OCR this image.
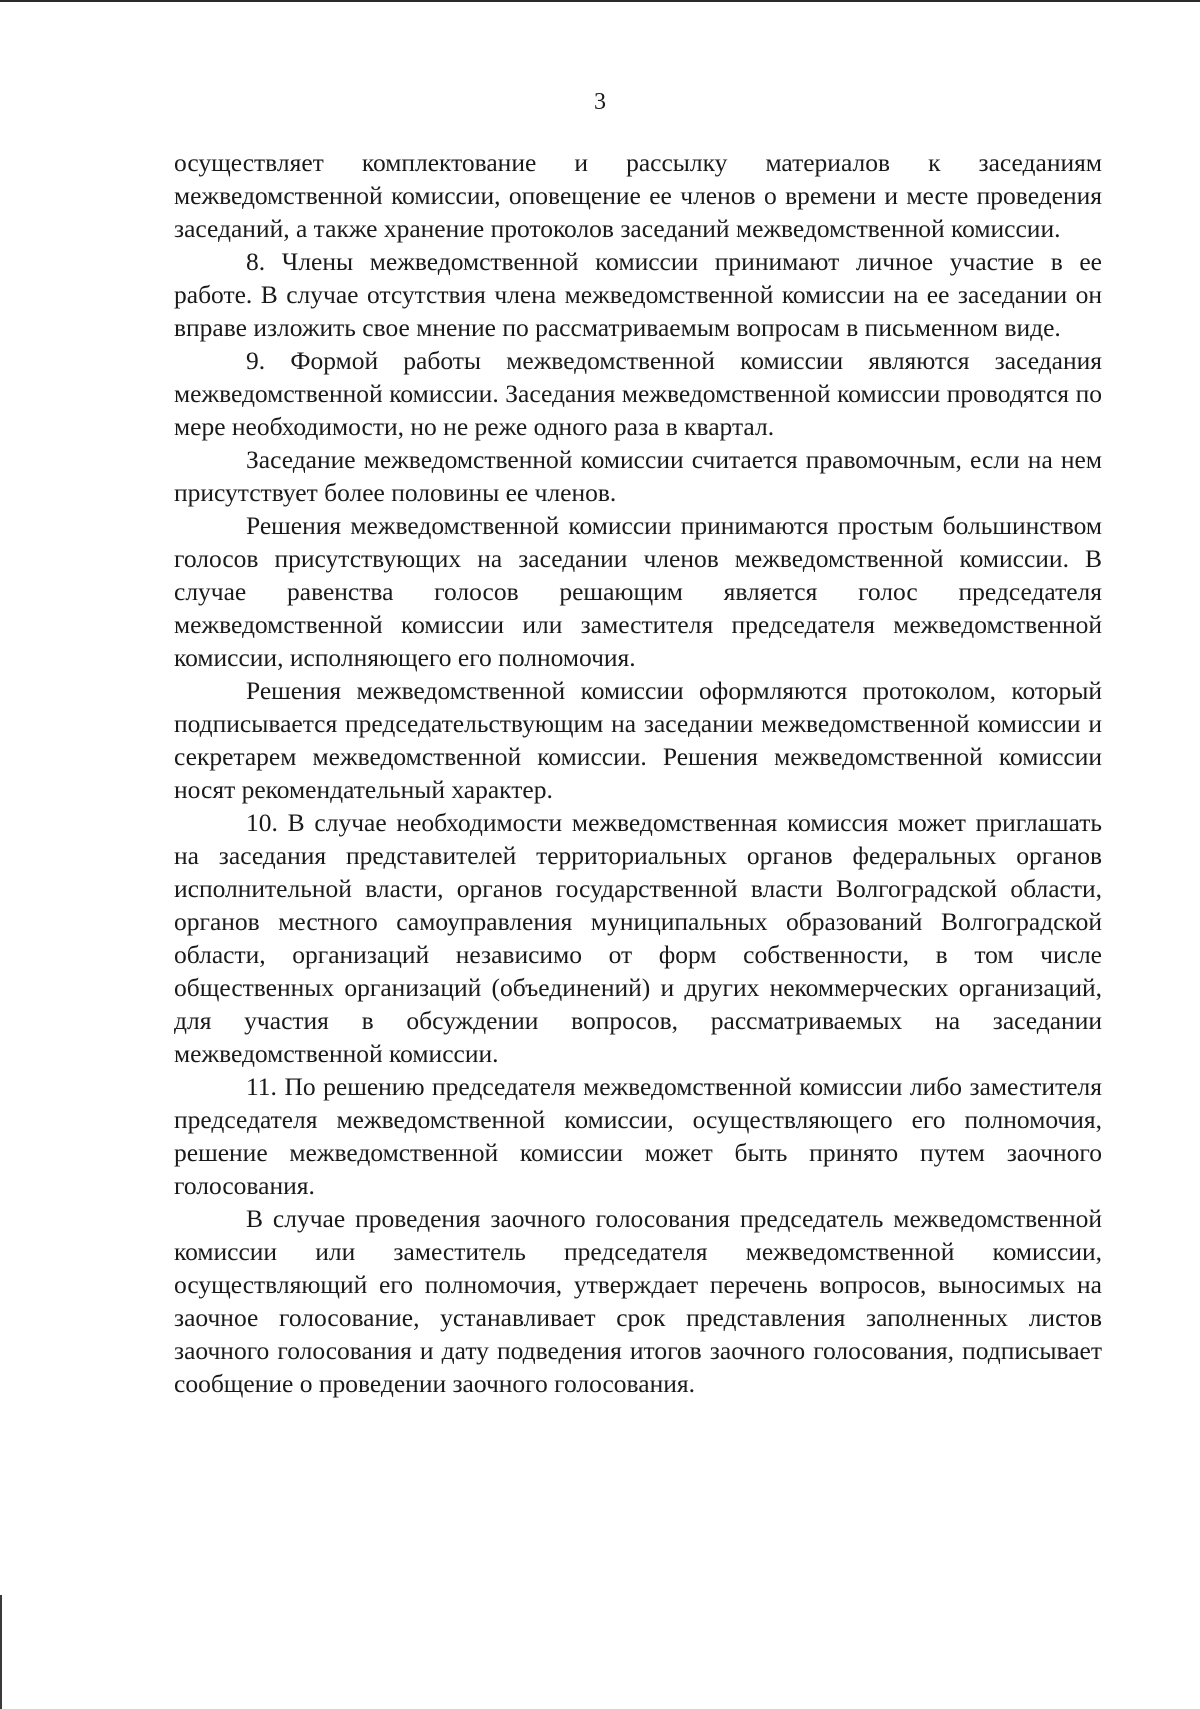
3

осуществляет комплектование и рассылку материалов к заседаниям межведомственной комиссии, оповещение ее членов о времени и месте проведения заседаний, а также хранение протоколов заседаний межведомственной комиссии.

8. Члены межведомственной комиссии принимают личное участие в ее работе. В случае отсутствия члена межведомственной комиссии на ее заседании он вправе изложить свое мнение по рассматриваемым вопросам в письменном виде.

9. Формой работы межведомственной комиссии являются заседания межведомственной комиссии. Заседания межведомственной комиссии проводятся по мере необходимости, но не реже одного раза в квартал.

Заседание межведомственной комиссии считается правомочным, если на нем присутствует более половины ее членов.

Решения межведомственной комиссии принимаются простым большинством голосов присутствующих на заседании членов межведомственной комиссии. В случае равенства голосов решающим является голос председателя межведомственной комиссии или заместителя председателя межведомственной комиссии, исполняющего его полномочия.

Решения межведомственной комиссии оформляются протоколом, который подписывается председательствующим на заседании межведомственной комиссии и секретарем межведомственной комиссии. Решения межведомственной комиссии носят рекомендательный характер.

10. В случае необходимости межведомственная комиссия может приглашать на заседания представителей территориальных органов федеральных органов исполнительной власти, органов государственной власти Волгоградской области, органов местного самоуправления муниципальных образований Волгоградской области, организаций независимо от форм собственности, в том числе общественных организаций (объединений) и других некоммерческих организаций, для участия в обсуждении вопросов, рассматриваемых на заседании межведомственной комиссии.

11. По решению председателя межведомственной комиссии либо заместителя председателя межведомственной комиссии, осуществляющего его полномочия, решение межведомственной комиссии может быть принято путем заочного голосования.

В случае проведения заочного голосования председатель межведомственной комиссии или заместитель председателя межведомственной комиссии, осуществляющий его полномочия, утверждает перечень вопросов, выносимых на заочное голосование, устанавливает срок представления заполненных листов заочного голосования и дату подведения итогов заочного голосования, подписывает сообщение о проведении заочного голосования.
